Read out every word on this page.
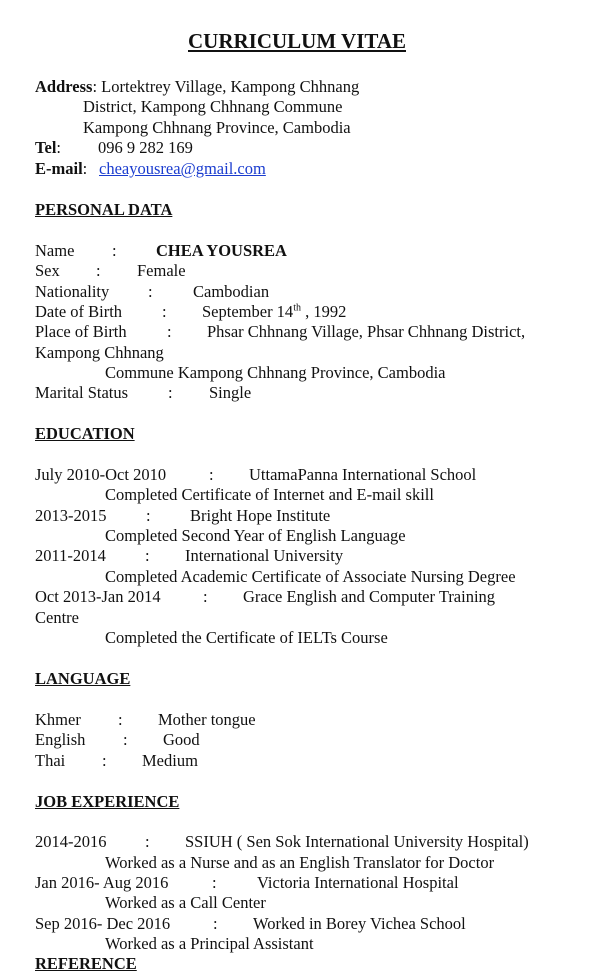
CURRICULUM VITAE
Address: Lortektrey Village, Kampong Chhnang
District, Kampong Chhnang Commune
Kampong Chhnang Province, Cambodia
Tel: 096 9 282 169
E-mail: cheayousrea@gmail.com
PERSONAL DATA
Name : CHEA YOUSREA
Sex : Female
Nationality : Cambodian
Date of Birth : September 14th , 1992
Place of Birth : Phsar Chhnang Village, Phsar Chhnang District,
Kampong Chhnang
Commune Kampong Chhnang Province, Cambodia
Marital Status : Single
EDUCATION
July 2010-Oct 2010	: UttamaPanna International School
Completed Certificate of Internet and E-mail skill
2013-2015 : Bright Hope Institute
Completed Second Year of English Language
2011-2014 : International University
Completed Academic Certificate of Associate Nursing Degree
Oct 2013-Jan 2014	: Grace English and Computer Training
Centre
Completed the Certificate of IELTs Course
LANGUAGE
Khmer : Mother tongue
English : Good
Thai : Medium
JOB EXPERIENCE
2014-2016 : SSIUH ( Sen Sok International University Hospital)
Worked as a Nurse and as an English Translator for Doctor
Jan 2016- Aug 2016	: Victoria International Hospital
Worked as a Call Center
Sep 2016- Dec 2016	: Worked in Borey Vichea School
Worked as a Principal Assistant
REFERENCE
